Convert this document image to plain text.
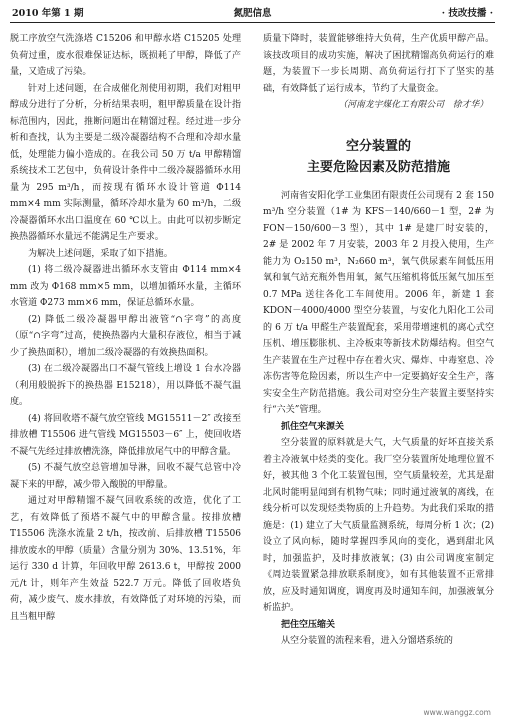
2010 年第 1 期	氮肥信息	· 技改技播 ·

脱工序放空气洗涤塔 C15206 和甲醇水塔 C15205 处理负荷过重，废水很难保证达标，既损耗了甲醇，降低了产量，又造成了污染。

针对上述问题，在合成催化剂使用初期，我们对粗甲醇成分进行了分析，分析结果表明，粗甲醇质量在设计指标范围内，因此，推断问题出在精馏过程。经过进一步分析和查找，认为主要是二级冷凝器结构不合理和冷却水量低，处理能力偏小造成的。在我公司 50 万 t/a 甲醇精馏系统技术工艺包中，负荷设计条件中二级冷凝器循环水用量为 295 m³/h，而按现有循环水设计管道 Φ114 mm×4 mm 实际测量，循环冷却水量为 60 m³/h，二级冷凝器循环水出口温度在 60 ℃以上。由此可以初步断定换热器循环水量远不能满足生产要求。

为解决上述问题，采取了如下措施。

(1) 将二级冷凝器进出循环水支管由 Φ114 mm×4 mm 改为 Φ168 mm×5 mm，以增加循环水量，主循环水管道 Φ273 mm×6 mm，保证总循环水量。

(2) 降低二级冷凝器甲醇出液管“∩字弯”的高度（原“∩字弯”过高，使换热器内大量积存液位，相当于减少了换热面积），增加二级冷凝器的有效换热面积。

(3) 在二级冷凝器出口不凝气管线上增设 1 台水冷器（利用般脱拆下的换热器 E15218），用以降低不凝气温度。

(4) 将回收塔不凝气放空管线 MG15511－2″ 改接至排放槽 T15506 进气管线 MG15503－6″ 上，使回收塔不凝气先经过排放槽洗涤，降低排放尾气中的甲醇含量。

(5) 不凝气放空总管增加导淋，回收不凝气总管中冷凝下来的甲醇，减少带入酸脱的甲醇量。

通过对甲醇精馏不凝气回收系统的改造，优化了工艺，有效降低了预塔不凝气中的甲醇含量。按排放槽 T15506 洗涤水流量 2 t/h，按改前、后排放槽 T15506 排放废水的甲醇（质量）含量分别为 30%、13.51%，年运行 330 d 计算，年回收甲醇 2613.6 t，甲醇按 2000 元/t 计，则年产生效益 522.7 万元。降低了回收塔负荷，减少废气、废水排放，有效降低了对环境的污染，而且当粗甲醇

质量下降时，装置能够维持大负荷，生产优质甲醇产品。该技改项目的成功实施，解决了困扰精馏高负荷运行的难题，为装置下一步长周期、高负荷运行打下了坚实的基础，有效降低了运行成本，节约了大量资金。

（河南龙宇煤化工有限公司　徐才华）
空分装置的
主要危险因素及防范措施

河南省安阳化学工业集团有限责任公司现有 2 套 150 m³/h 空分装置（1# 为 KFS－140/660－1 型，2# 为 FON－150/600－3 型），其中 1# 是建厂时安装的，2# 是 2002 年 7 月安装，2003 年 2 月投入使用，生产能力为 O₂150 m³，N₂660 m³，氧气供尿素车间低压用氧和氧气站充瓶外售用氧，氮气压缩机将低压氮气加压至 0.7 MPa 送往各化工车间使用。2006 年，新建 1 套 KDON－4000/4000 型空分装置，与安化九阳化工公司的 6 万 t/a 甲醛生产装置配套，采用带增速机的离心式空压机、增压膨胀机、主冷板束等新技术防爆结构。但空气生产装置在生产过程中存在着火灾、爆炸、中毒窒息、冷冻伤害等危险因素，所以生产中一定要搞好安全生产，落实安全生产防范措施。我公司对空分生产装置主要坚持实行“六关”管理。

抓住空气来源关

空分装置的原料就是大气，大气质量的好坏直接关系着主冷液氧中烃类的变化。我厂空分装置所处地理位置不好，被其他 3 个化工装置包围，空气质量较差，尤其是甜北风时能明显闻到有机物气味；同时通过液氧的离线，在线分析可以发现烃类物质的上升趋势。为此我们采取的措施是：(1) 建立了大气质量监测系统，每周分析 1 次；(2) 设立了风向标，随时掌握四季风向的变化，遇到甜北风时，加强监护，及时排放液氧；(3) 由公司调度室制定《周边装置紧急排放联系制度》，如有其他装置不正常排放，应及时通知调度，调度再及时通知车间，加强液氧分析监护。

把住空压缩关

从空分装置的流程来看，进入分馏塔系统的

www.wanggz.com
